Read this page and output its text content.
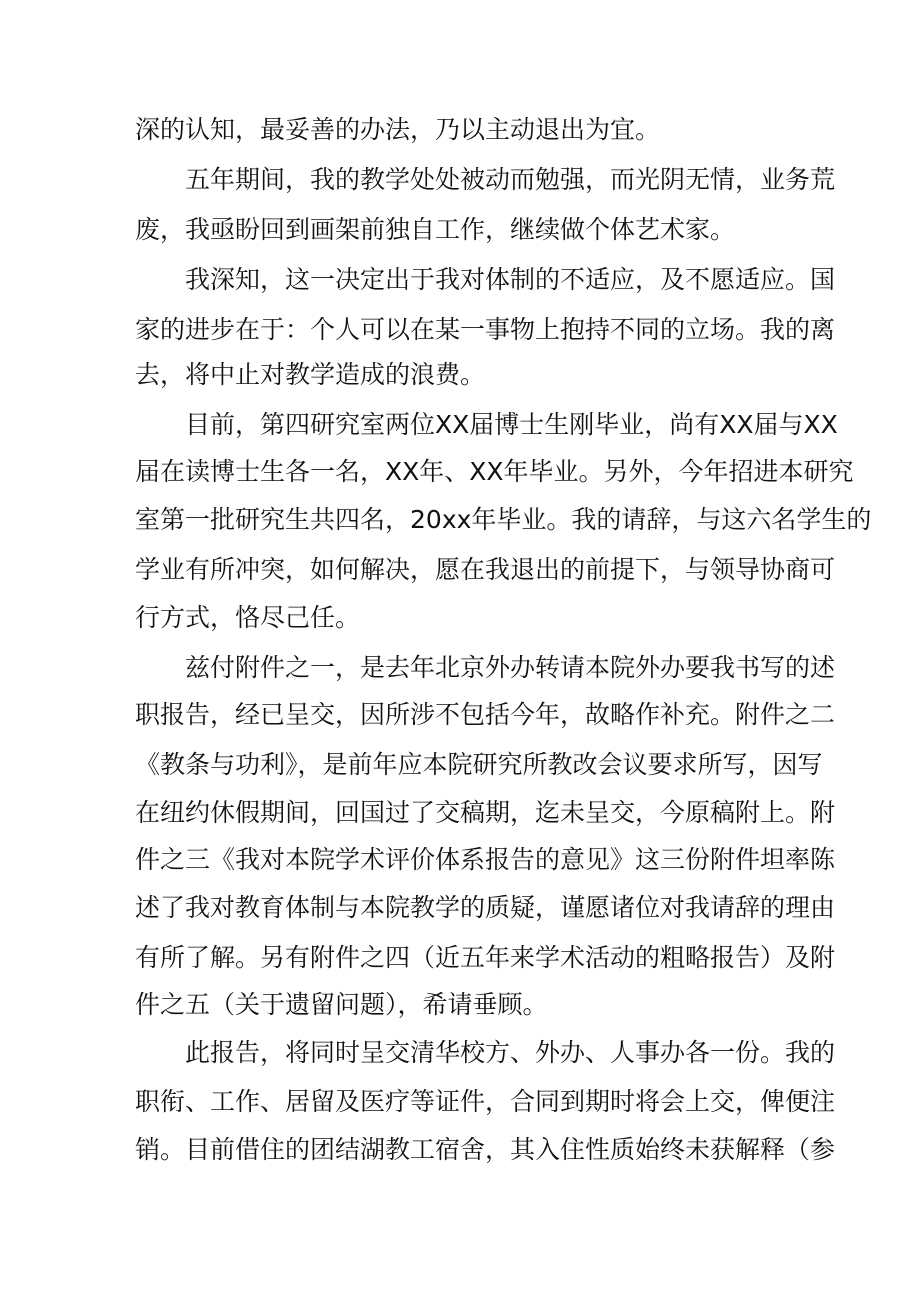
深的认知，最妥善的办法，乃以主动退出为宜。
五年期间，我的教学处处被动而勉强，而光阴无情，业务荒
废，我亟盼回到画架前独自工作，继续做个体艺术家。
我深知，这一决定出于我对体制的不适应，及不愿适应。国
家的进步在于：个人可以在某一事物上抱持不同的立场。我的离
去，将中止对教学造成的浪费。
目前，第四研究室两位XX届博士生刚毕业，尚有XX届与XX
届在读博士生各一名，XX年、XX年毕业。另外，今年招进本研究
室第一批研究生共四名，20xx年毕业。我的请辞，与这六名学生的
学业有所冲突，如何解决，愿在我退出的前提下，与领导协商可
行方式，恪尽己任。
兹付附件之一，是去年北京外办转请本院外办要我书写的述
职报告，经已呈交，因所涉不包括今年，故略作补充。附件之二
《教条与功利》，是前年应本院研究所教改会议要求所写，因写
在纽约休假期间，回国过了交稿期，迄未呈交，今原稿附上。附
件之三《我对本院学术评价体系报告的意见》这三份附件坦率陈
述了我对教育体制与本院教学的质疑，谨愿诸位对我请辞的理由
有所了解。另有附件之四（近五年来学术活动的粗略报告）及附
件之五（关于遗留问题），希请垂顾。
此报告，将同时呈交清华校方、外办、人事办各一份。我的
职衔、工作、居留及医疗等证件，合同到期时将会上交，俾便注
销。目前借住的团结湖教工宿舍，其入住性质始终未获解释（参
